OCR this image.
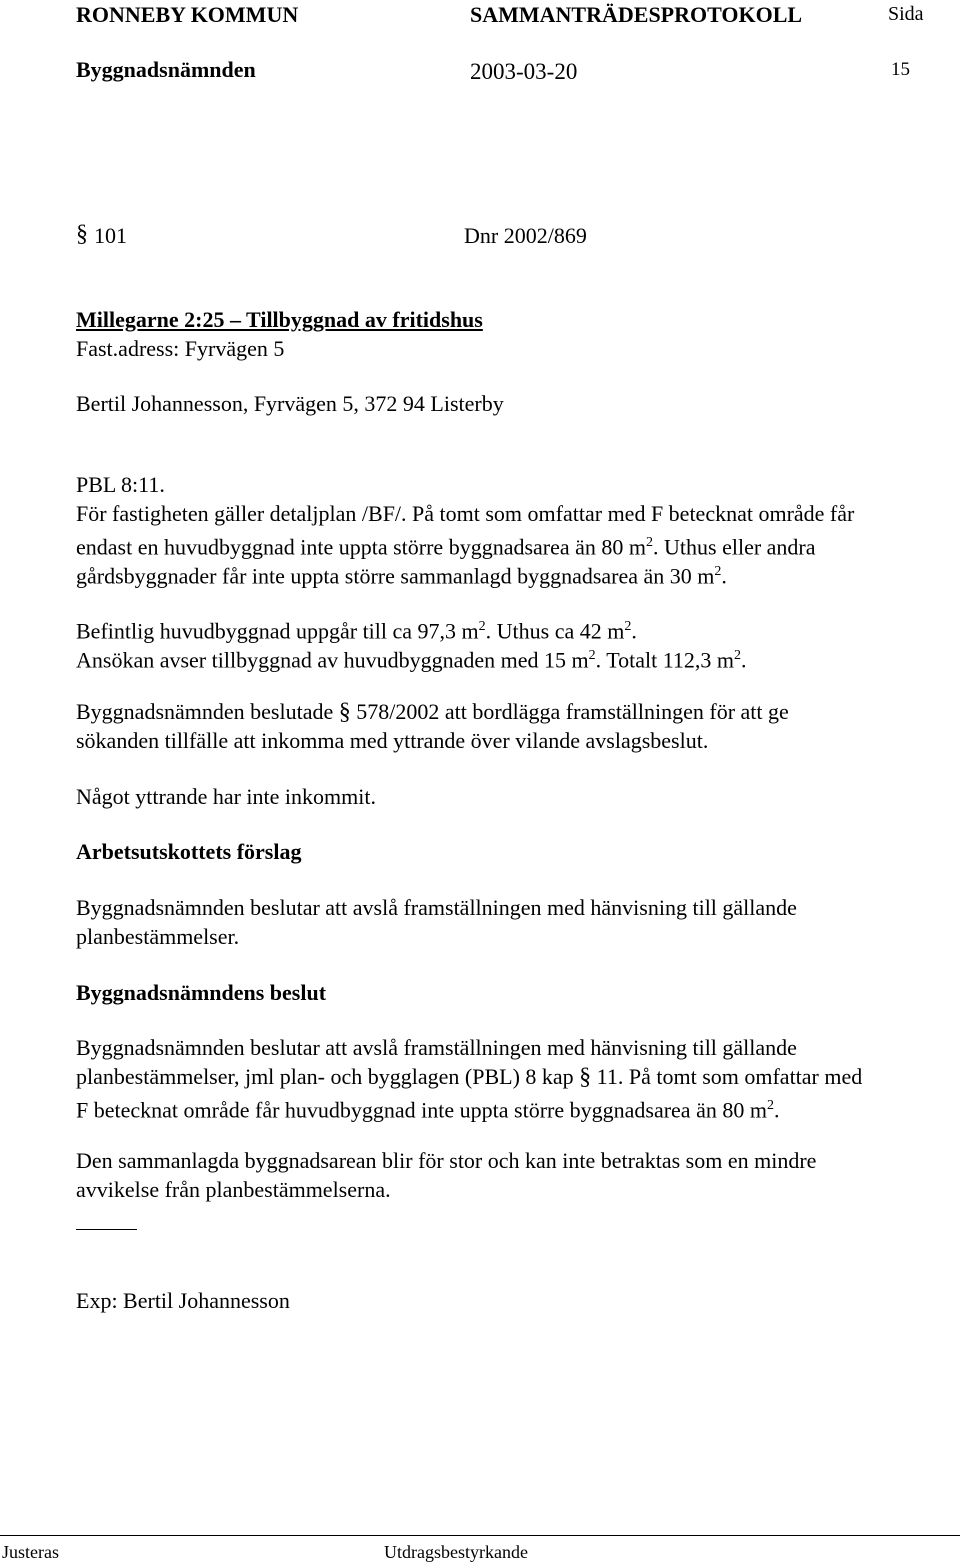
RONNEBY KOMMUN	SAMMANTRÄDESPROTOKOLL	Sida
Byggnadsnämnden	2003-03-20	15
§ 101	Dnr 2002/869
Millegarne 2:25 – Tillbyggnad av fritidshus
Fast.adress: Fyrvägen 5
Bertil Johannesson, Fyrvägen 5, 372 94 Listerby
PBL 8:11.
För fastigheten gäller detaljplan /BF/. På tomt som omfattar med F betecknat område får
endast en huvudbyggnad inte uppta större byggnadsarea än 80 $m^2$. Uthus eller andra
gårdsbyggnader får inte uppta större sammanlagd byggnadsarea än 30 $m^2$.
Befintlig huvudbyggnad uppgår till ca 97,3 $m^2$. Uthus ca 42 $m^2$.
Ansökan avser tillbyggnad av huvudbyggnaden med 15 $m^2$. Totalt 112,3 $m^2$.
Byggnadsnämnden beslutade § 578/2002 att bordlägga framställningen för att ge
sökanden tillfälle att inkomma med yttrande över vilande avslagsbeslut.
Något yttrande har inte inkommit.
Arbetsutskottets förslag
Byggnadsnämnden beslutar att avslå framställningen med hänvisning till gällande
planbestämmelser.
Byggnadsnämndens beslut
Byggnadsnämnden beslutar att avslå framställningen med hänvisning till gällande
planbestämmelser, jml plan- och bygglagen (PBL) 8 kap § 11. På tomt som omfattar med
F betecknat område får huvudbyggnad inte uppta större byggnadsarea än 80 $m^2$.
Den sammanlagda byggnadsarean blir för stor och kan inte betraktas som en mindre
avvikelse från planbestämmelserna.
Exp: Bertil Johannesson
Justeras	Utdragsbestyrkande
